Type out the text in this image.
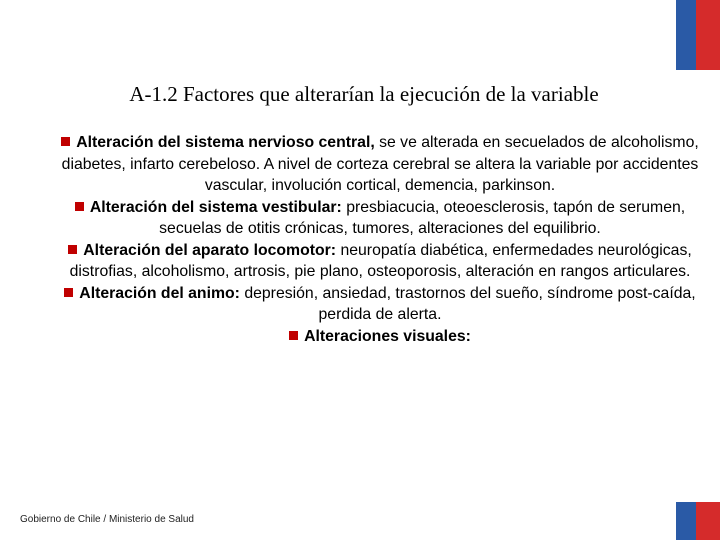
A-1.2 Factores que alterarían la ejecución de la variable

Alteración del sistema nervioso central, se ve alterada en secuelados de alcoholismo, diabetes, infarto cerebeloso. A nivel de corteza cerebral se altera la variable por accidentes vascular, involución cortical, demencia, parkinson.

Alteración del sistema vestibular: presbiacucia, oteoesclerosis, tapón de serumen, secuelas de otitis crónicas, tumores, alteraciones del equilibrio.

Alteración del aparato locomotor: neuropatía diabética, enfermedades neurológicas, distrofias, alcoholismo, artrosis, pie plano, osteoporosis, alteración en rangos articulares.

Alteración del animo: depresión, ansiedad, trastornos del sueño, síndrome post-caída, perdida de alerta.

Alteraciones visuales:

Gobierno de Chile / Ministerio de Salud
